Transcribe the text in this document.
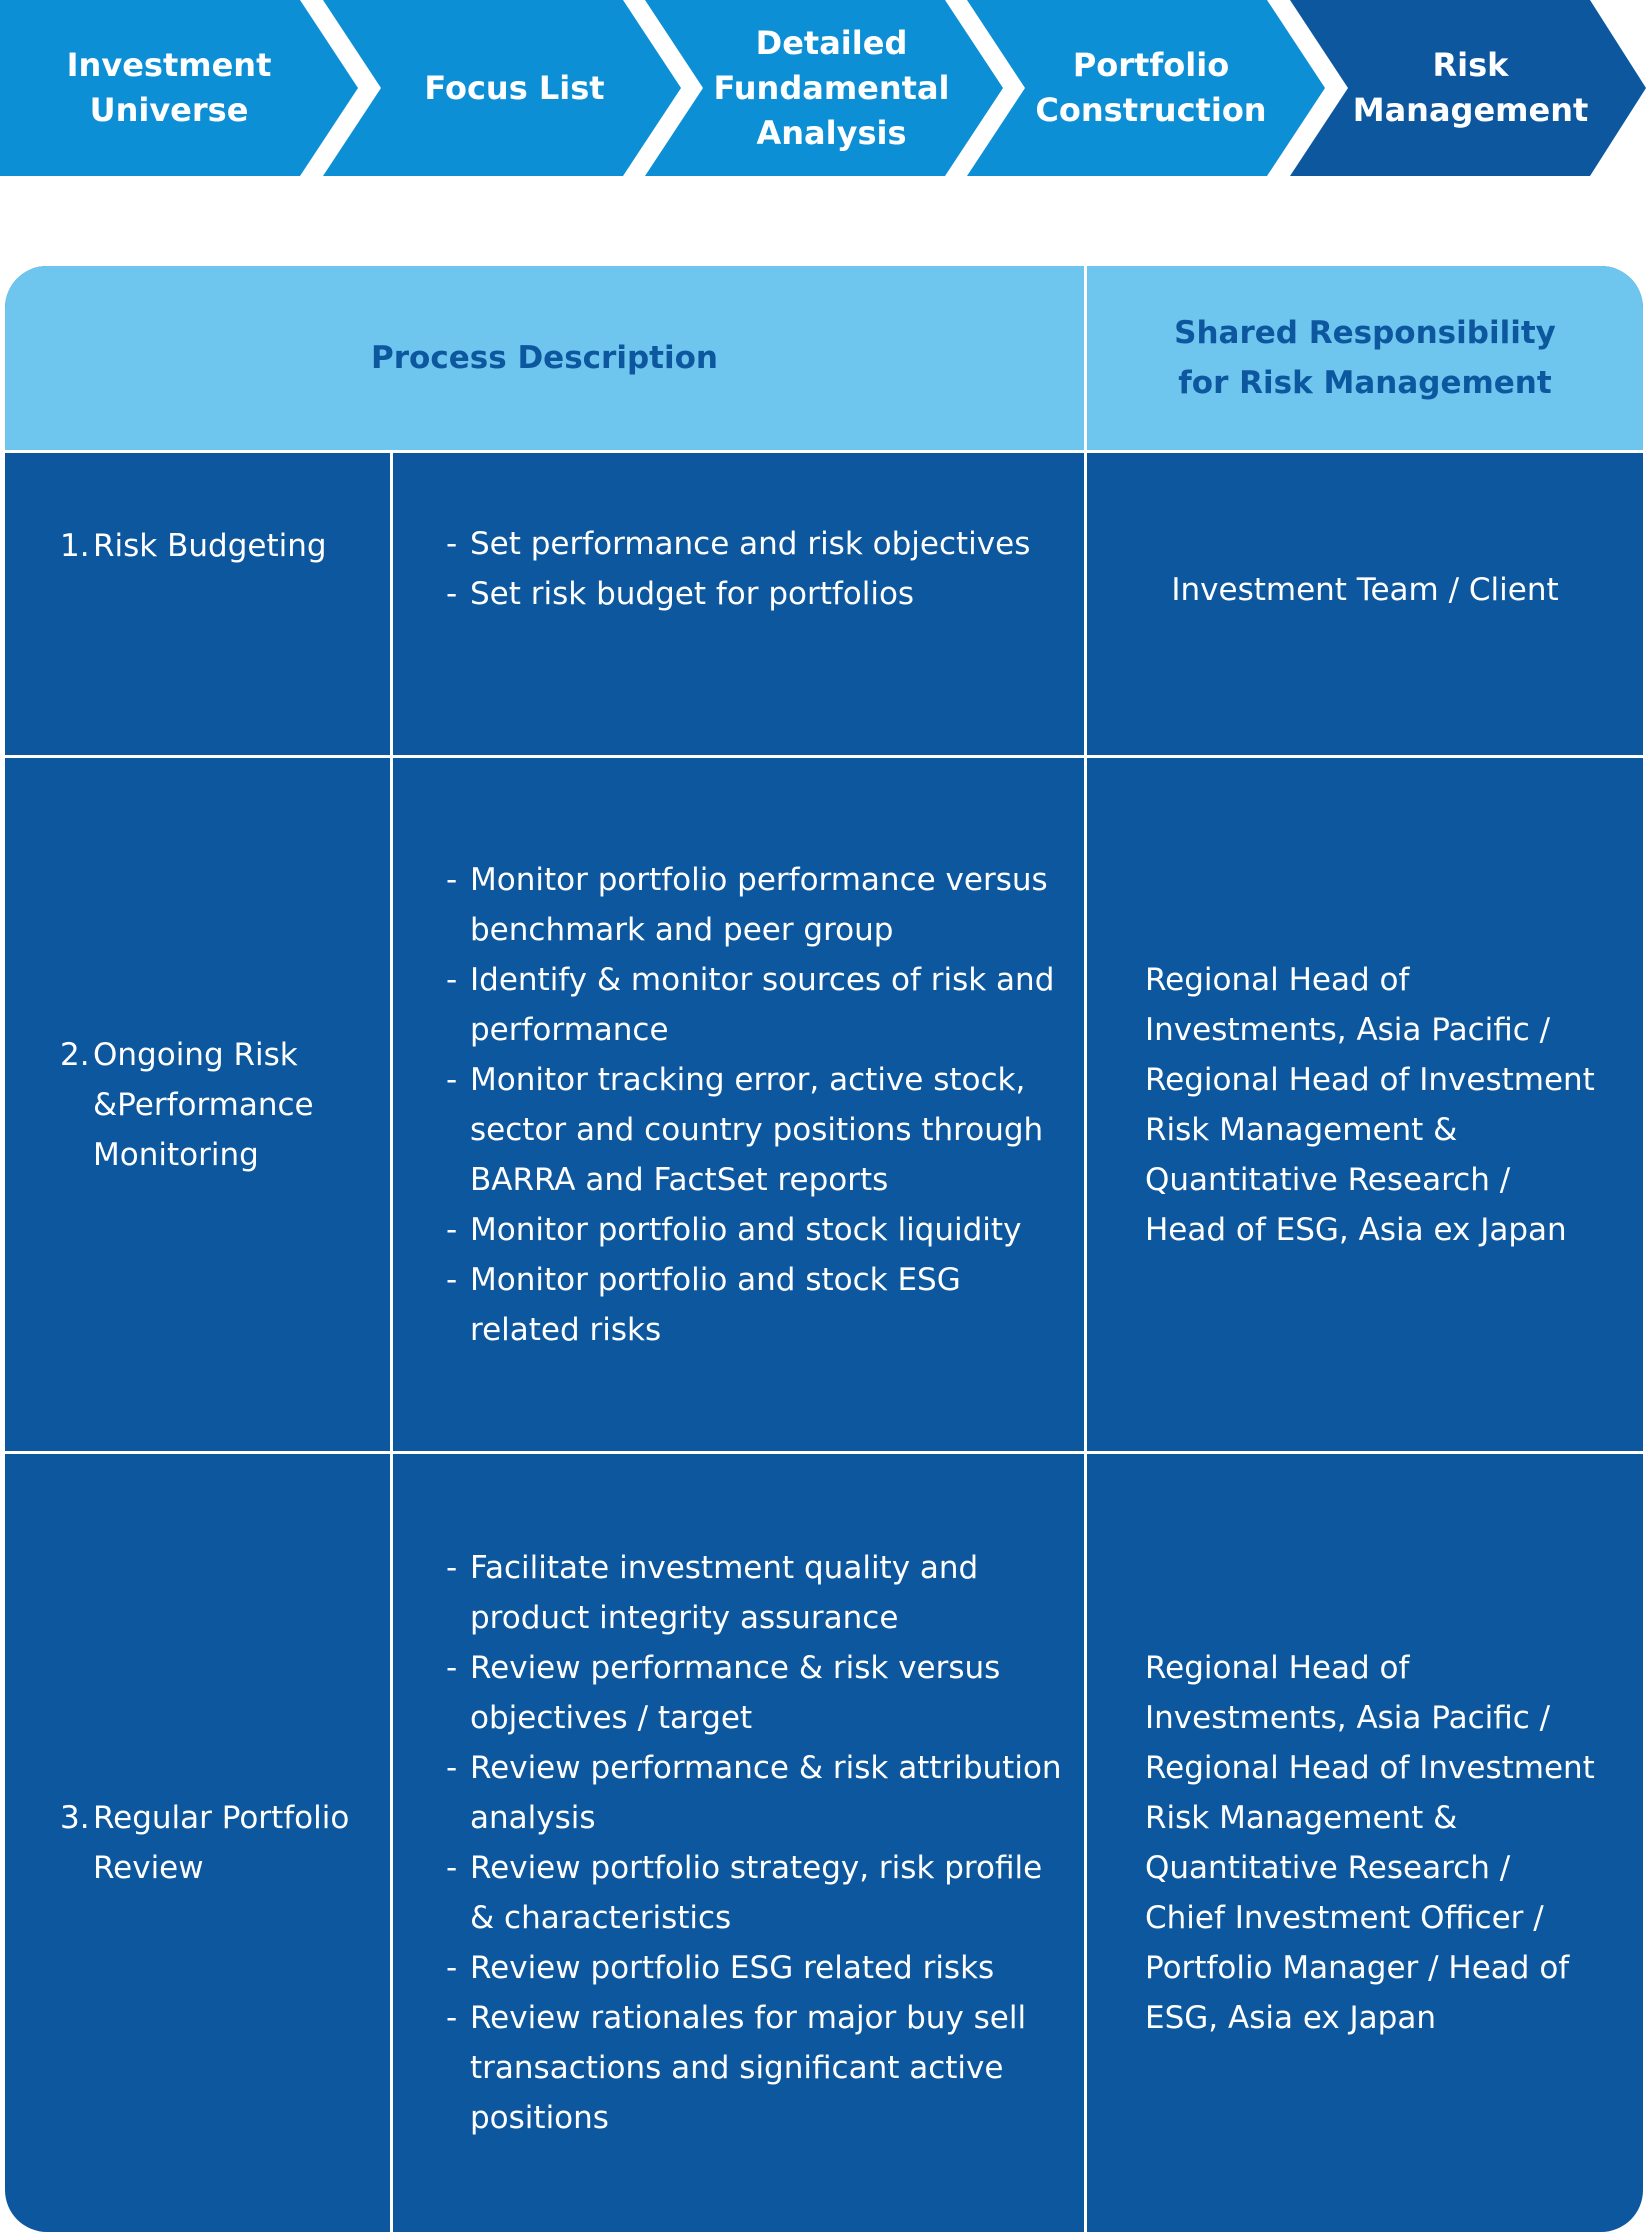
Investment
Universe
Focus List
Detailed
Fundamental
Analysis
Portfolio
Construction
Risk
Management
Process Description
Shared Responsibility for Risk Management
1. Risk Budgeting
-	Set performance and risk objectives
- Set risk budget for portfolios	Investment Team / Client
2. Ongoing Risk
&Performance Monitoring
- Monitor portfolio performance versus benchmark and peer group
- Identify & monitor sources of risk and performance
- Monitor tracking error, active stock, sector and country positions through BARRA and FactSet reports
- Monitor portfolio and stock liquidity
- Monitor portfolio and stock ESG related risks
Regional Head of Investments, Asia Pacific / Regional Head of Investment Risk Management & Quantitative Research / Head of ESG, Asia ex Japan
3. Regular Portfolio
Review
- Facilitate investment quality and product integrity assurance
- Review performance & risk versus objectives / target
- Review performance & risk attribution analysis
- Review portfolio strategy, risk profile & characteristics
- Review portfolio ESG related risks
- Review rationales for major buy sell transactions and significant active positions
Regional Head of Investments, Asia Pacific / Regional Head of Investment Risk Management & Quantitative Research / Chief Investment Officer / Portfolio Manager / Head of ESG, Asia ex Japan
